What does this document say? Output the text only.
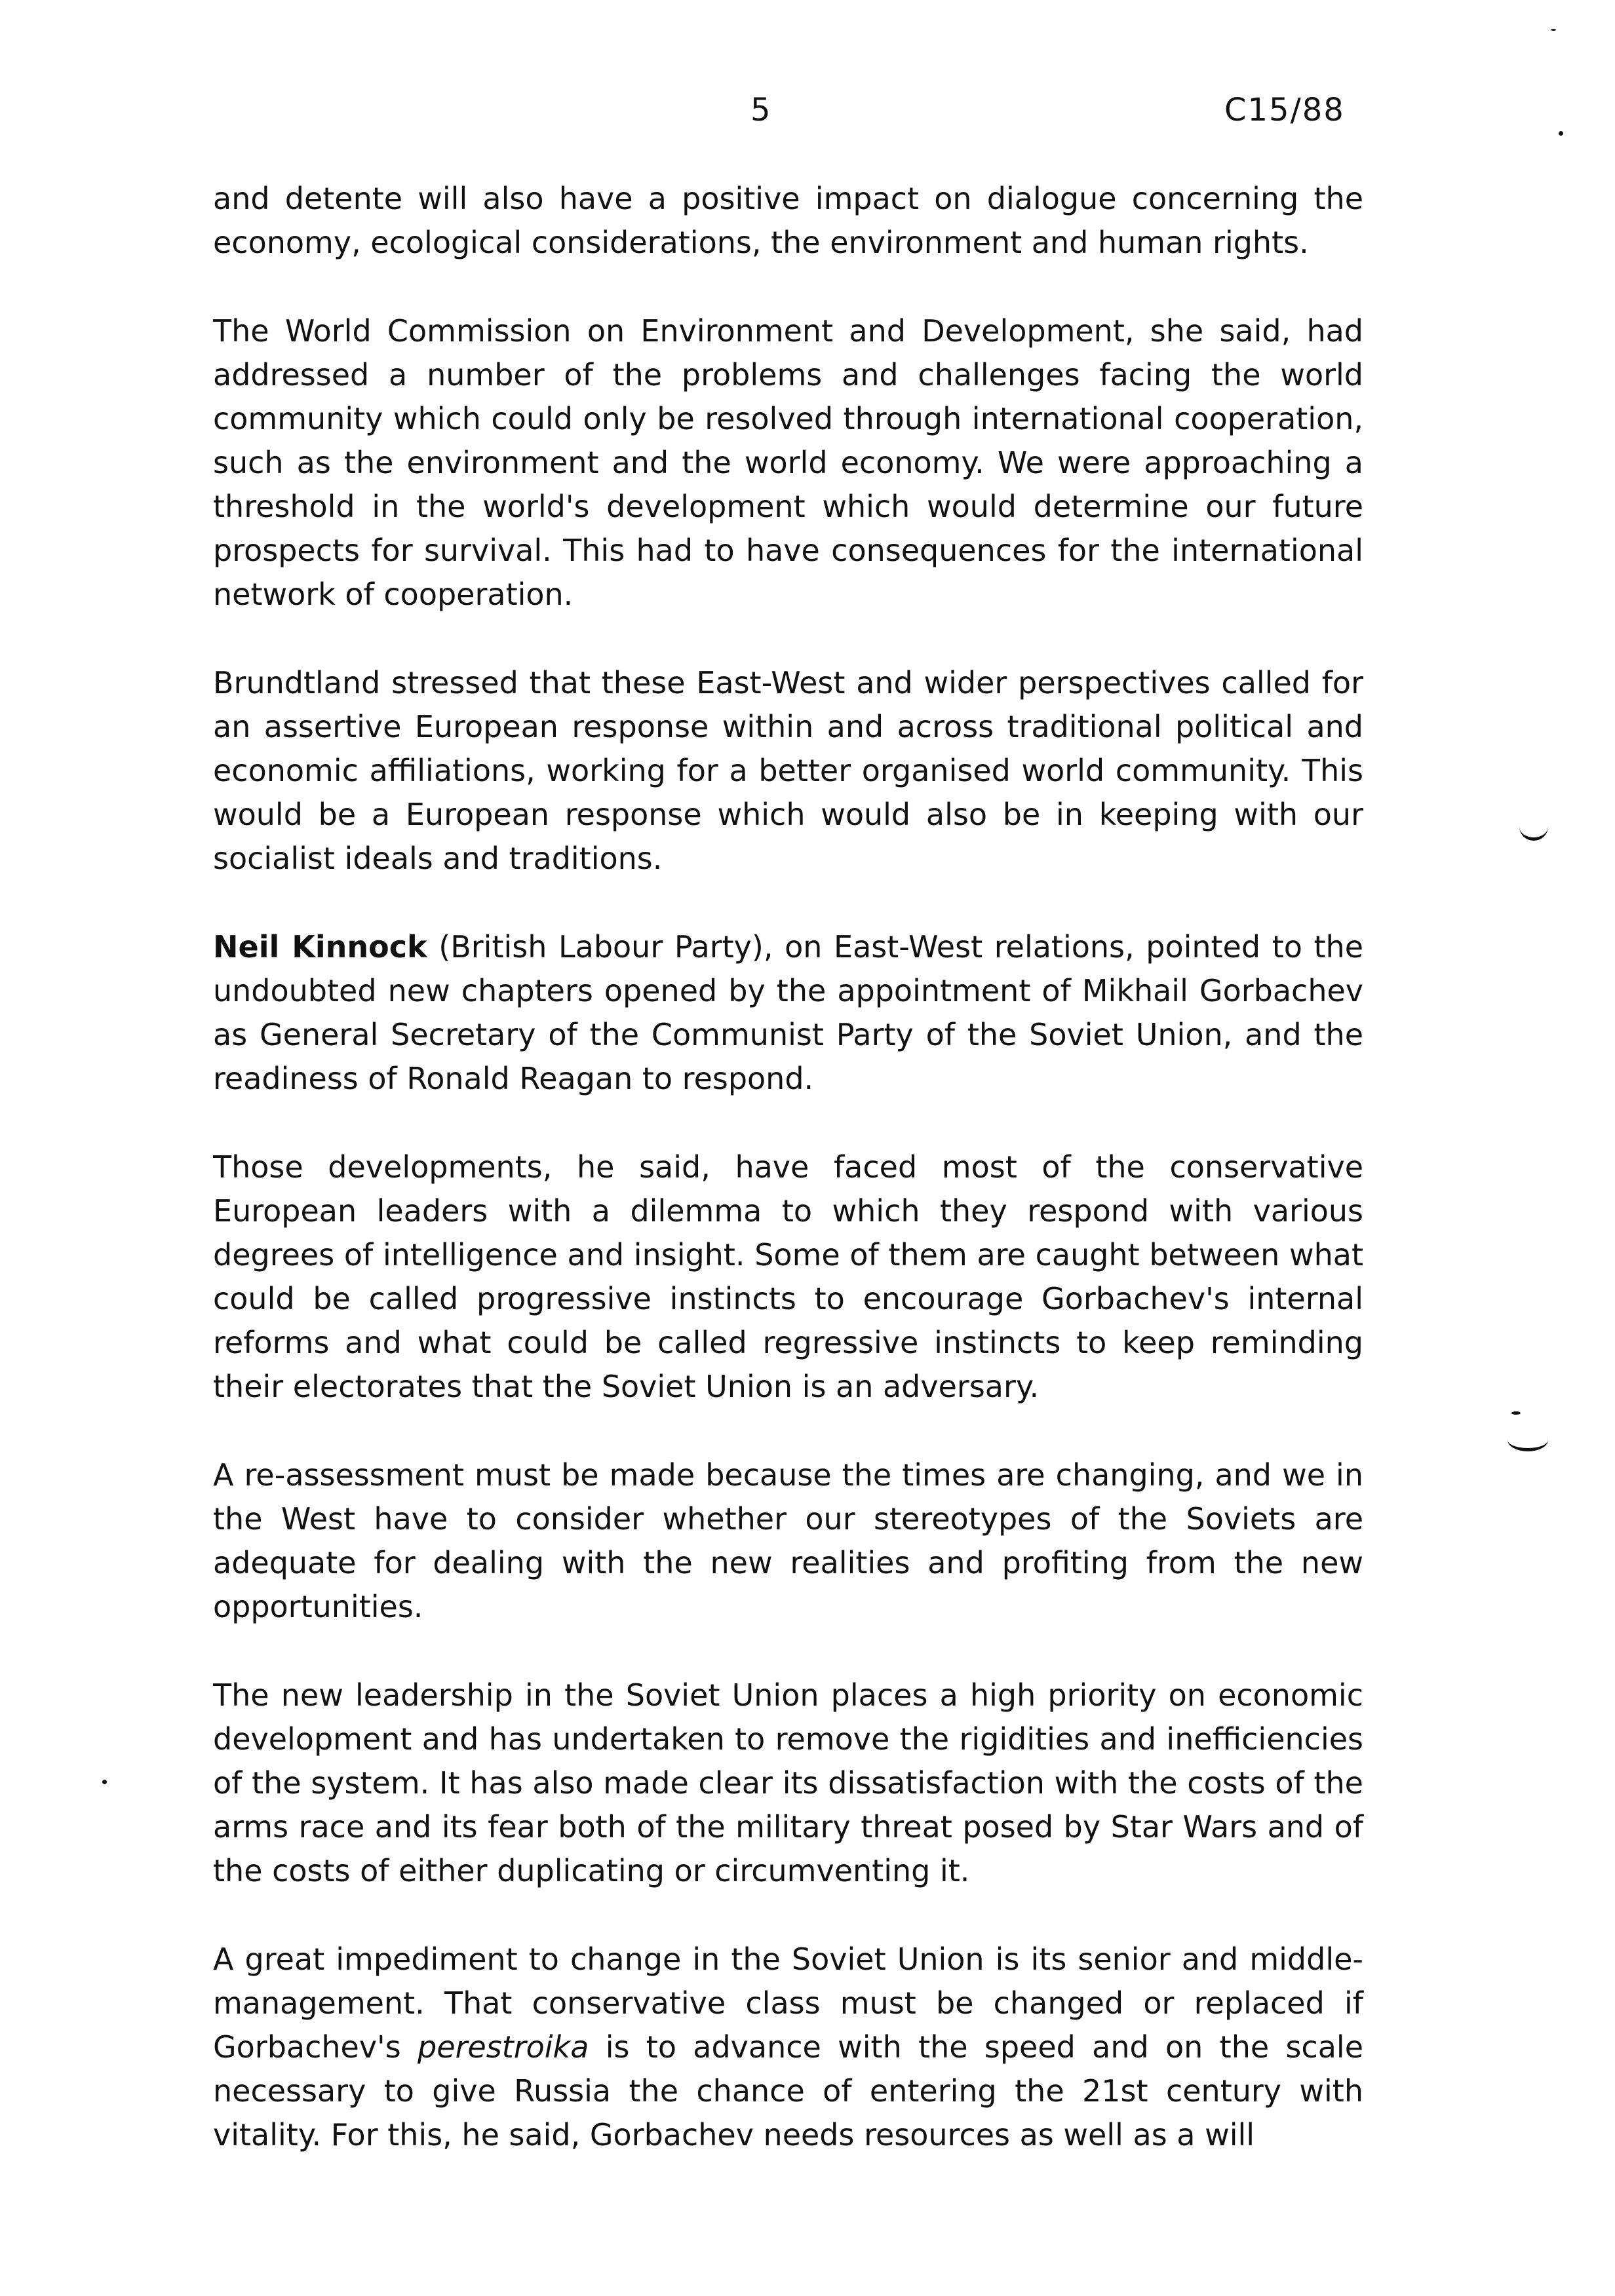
5	C15/88

and detente will also have a positive impact on dialogue concerning the economy, ecological considerations, the environment and human rights.

The World Commission on Environment and Development, she said, had addressed a number of the problems and challenges facing the world community which could only be resolved through international cooperation, such as the environment and the world economy. We were approaching a threshold in the world's development which would determine our future prospects for survival. This had to have consequences for the international network of cooperation.

Brundtland stressed that these East-West and wider perspectives called for an assertive European response within and across traditional political and economic affiliations, working for a better organised world community. This would be a European response which would also be in keeping with our socialist ideals and traditions.

Neil Kinnock (British Labour Party), on East-West relations, pointed to the undoubted new chapters opened by the appointment of Mikhail Gorbachev as General Secretary of the Communist Party of the Soviet Union, and the readiness of Ronald Reagan to respond.

Those developments, he said, have faced most of the conservative European leaders with a dilemma to which they respond with various degrees of intelligence and insight. Some of them are caught between what could be called progressive instincts to encourage Gorbachev's internal reforms and what could be called regressive instincts to keep reminding their electorates that the Soviet Union is an adversary.

A re-assessment must be made because the times are changing, and we in the West have to consider whether our stereotypes of the Soviets are adequate for dealing with the new realities and profiting from the new opportunities.

The new leadership in the Soviet Union places a high priority on economic development and has undertaken to remove the rigidities and inefficiencies of the system. It has also made clear its dissatisfaction with the costs of the arms race and its fear both of the military threat posed by Star Wars and of the costs of either duplicating or circumventing it.

A great impediment to change in the Soviet Union is its senior and middle-management. That conservative class must be changed or replaced if Gorbachev's perestroika is to advance with the speed and on the scale necessary to give Russia the chance of entering the 21st century with vitality. For this, he said, Gorbachev needs resources as well as a will
